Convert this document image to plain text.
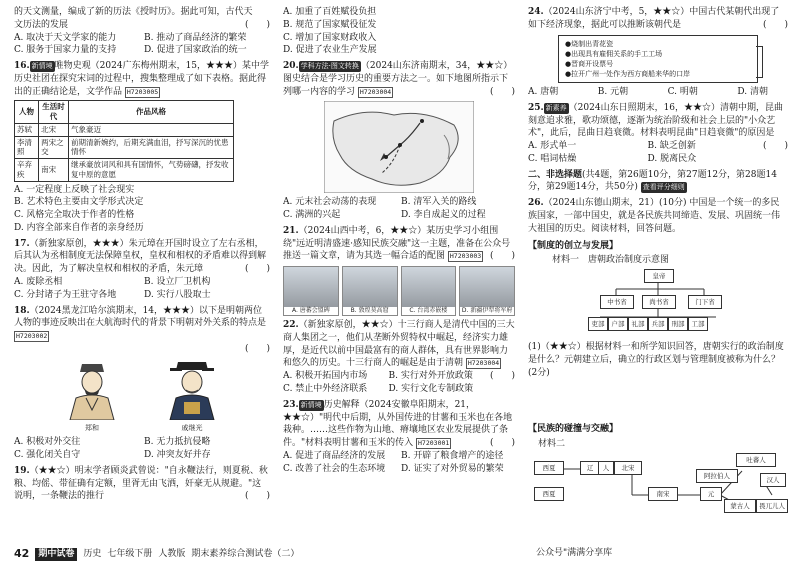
的天文测量，编成了新的历法《授时历》。据此可知，古代天

文历法的发展	(　　)

A. 取决于天文学家的能力	B. 推动了商品经济的繁荣
C. 服务于国家力量的支持	D. 促进了国家政治的统一

16. 新情境 唯物史观（2024广东梅州期末，15，★★★）某中学历史社团在探究宋词的过程中，搜集整理成了如下表格。据此得出的正确结论是，文学作品 H7203005

人物	生活时代	作品风格
苏轼	北宋	气象豪迈
李清照	两宋之交	前期清新婉约，后期充满血泪，抒写深沉的忧患情怀
辛弃疾	南宋	继承豪放词风和具有国情怀，气势磅礴，抒发收复中原的意愿

A. 一定程度上反映了社会现实

B. 艺术特色主要由文学形式决定

C. 风格完全取决于作者的性格

D. 内容全部来自作者的亲身经历

17.（新独家原创，★★★）朱元璋在开国时设立了左右丞相，后其认为丞相制度无法保障皇权，皇权和相权的矛盾难以得到解决。因此，为了解决皇权和相权的矛盾，朱元璋	(　　)

A. 废除丞相	B. 设立厂卫机构
C. 分封诸子为王驻守各地	D. 实行八股取士

18.（2024黑龙江哈尔滨期末，14，★★★）以下是明朝两位人物的事迹反映出在大航海时代的背景下明朝对外关系的特点是 H7203002

(　　)

郑和	戚继光
A. 积极对外交往	B. 无力抵抗侵略
C. 强化闭关自守	D. 冲突友好并存

19.（★★☆）明末学者顾炎武曾说："自永鞭法行，则夏税、秋粮、均傜、带征确有定额，里胥无由飞洒，奸豪无从规避。"这说明，一条鞭法的推行	(　　)

A. 加重了百姓赋役负担

B. 规范了国家赋役征发

C. 增加了国家财政收入

D. 促进了农业生产发展

20. 学科方法·图文转换 （2024山东济南期末，34，★★☆）图史结合是学习历史的重要方法之一。如下地图所指示下列哪一内容的学习 H7203004	(　　)

A. 元末社会动荡的表现	B. 清军入关的路线
C. 满洲的兴起	D. 李自成起义的过程

21.（2024山西中考，6，★★☆）某历史学习小组围绕"远近明清盛速·感知民族交融"这一主题，准备在公众号推送一篇文章，请为其选一幅合适的配图 H7203003 (　　)

A. 唐蕃会盟碑	B. 敦煌莫高窟	C. 台湾赤嵌楼	D. 新疆伊犁将军府

22.（新独家原创，★★☆）十三行商人是清代中国的三大商人集团之一，他们从垄断外贸特权中崛起，经济实力雄厚，是近代以前中国最富有的商人群体，具有世界影响力和悠久的历史。十三行商人的崛起是由于清朝 H7203004
(　　)

A. 积极开拓国内市场	B. 实行对外开放政策
C. 禁止中外经济联系	D. 实行文化专制政策

23. 新情境 历史解释（2024安徽阜阳期末，21，★★☆）"明代中后期，从外国传进的甘薯和玉米也在各地栽种。……这些作物为山地、瘠壤地区农业发展提供了条件。"材料表明甘薯和玉米的传入 H7203001	(　　)

A. 促进了商品经济的发展	B. 开辟了粮食增产的途径
C. 改善了社会的生态环境	D. 证实了对外贸易的繁荣

24.（2024山东济宁中考，5，★★☆）中国古代某朝代出现了如下经济现象，据此可以推断该朝代是	(　　)

●烧制出青花瓷
●出现具有雇佣关系的手工工场
●晋商开设票号
●拉开广州一处作为西方商船来华的口岸
A. 唐朝	B. 元朝	C. 明朝	D. 清朝

25. 新素养 （2024山东日照期末，16，★★☆）清朝中期，昆曲刻意追求雅，歌功颂德，逐渐为统治阶级和社会上层的"小众艺术"，此后，昆曲日趋衰微。材料表明昆曲"日趋衰微"的原因是
(　　)

A. 形式单一	B. 缺乏创新
C. 唱词枯燥	D. 脱离民众

二、非选择题(共4题，第26题10分，第27题12分，第28题14分，第29题14分，共50分) 查看评分细则

26.（2024山东德山期末，21）(10分) 中国是一个统一的多民族国家，一部中国史，就是各民族共同缔造、发展、巩固统一伟大祖国的历史。阅读材料，回答问题。

【制度的创立与发展】

材料一　唐朝政治制度示意图

皇帝
中书省	尚书省	门下省
吏部	户部	礼部	兵部	刑部	工部

(1)（★★☆）根据材料一和所学知识回答，唐朝实行的政治制度是什么？元朝建立后，确立的行政区划与管理制度被称为什么？(2分)

【民族的碰撞与交融】

材料二

西夏	辽	人	北宋
南宋
西夏	元
吐蕃人
阿拉伯人	汉人
蒙古人	畏兀儿人
42	期中试卷	历史 七年级下册 人教版 期末素养综合测试卷（二）	公众号"满满分享库
